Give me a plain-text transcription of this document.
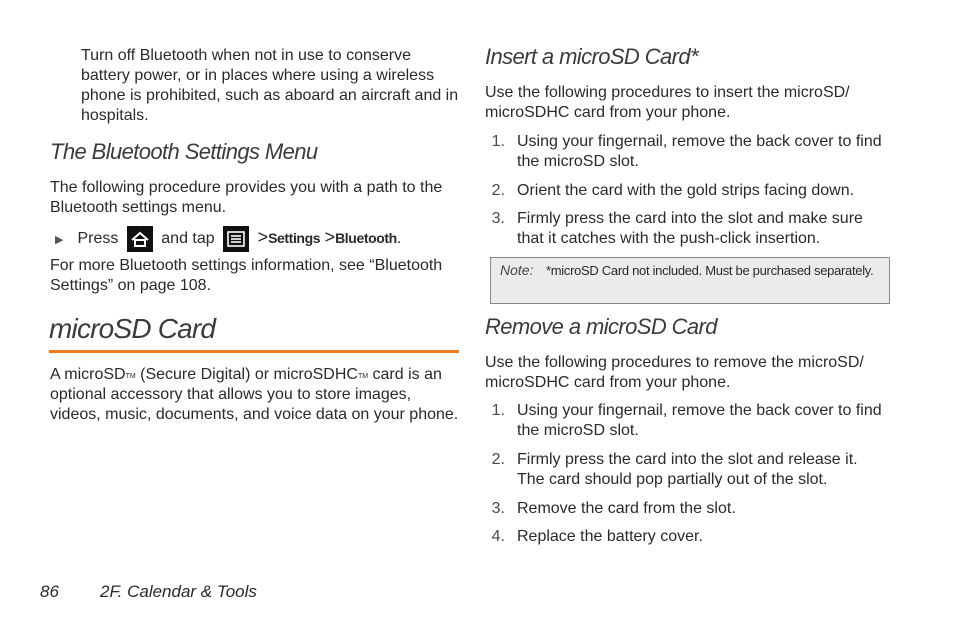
Turn off Bluetooth when not in use to conserve battery power, or in places where using a wireless phone is prohibited, such as aboard an aircraft and in hospitals.

The Bluetooth Settings Menu

The following procedure provides you with a path to the Bluetooth settings menu.

▶ Press	and tap >Settings >Bluetooth.

For more Bluetooth settings information, see “Bluetooth Settings” on page 108.

microSD Card

A microSD™ (Secure Digital) or microSDHC™ card is an optional accessory that allows you to store images, videos, music, documents, and voice data on your phone.

Insert a microSD Card*

Use the following procedures to insert the microSD/ microSDHC card from your phone.

1. Using your fingernail, remove the back cover to find the microSD slot.
2. Orient the card with the gold strips facing down.
3. Firmly press the card into the slot and make sure that it catches with the push-click insertion.
Note: *microSD Card not included. Must be purchased separately.
Remove a microSD Card

Use the following procedures to remove the microSD/ microSDHC card from your phone.

1. Using your fingernail, remove the back cover to find the microSD slot.
2. Firmly press the card into the slot and release it. The card should pop partially out of the slot.
3. Remove the card from the slot.
4. Replace the battery cover.
86 2F. Calendar & Tools
